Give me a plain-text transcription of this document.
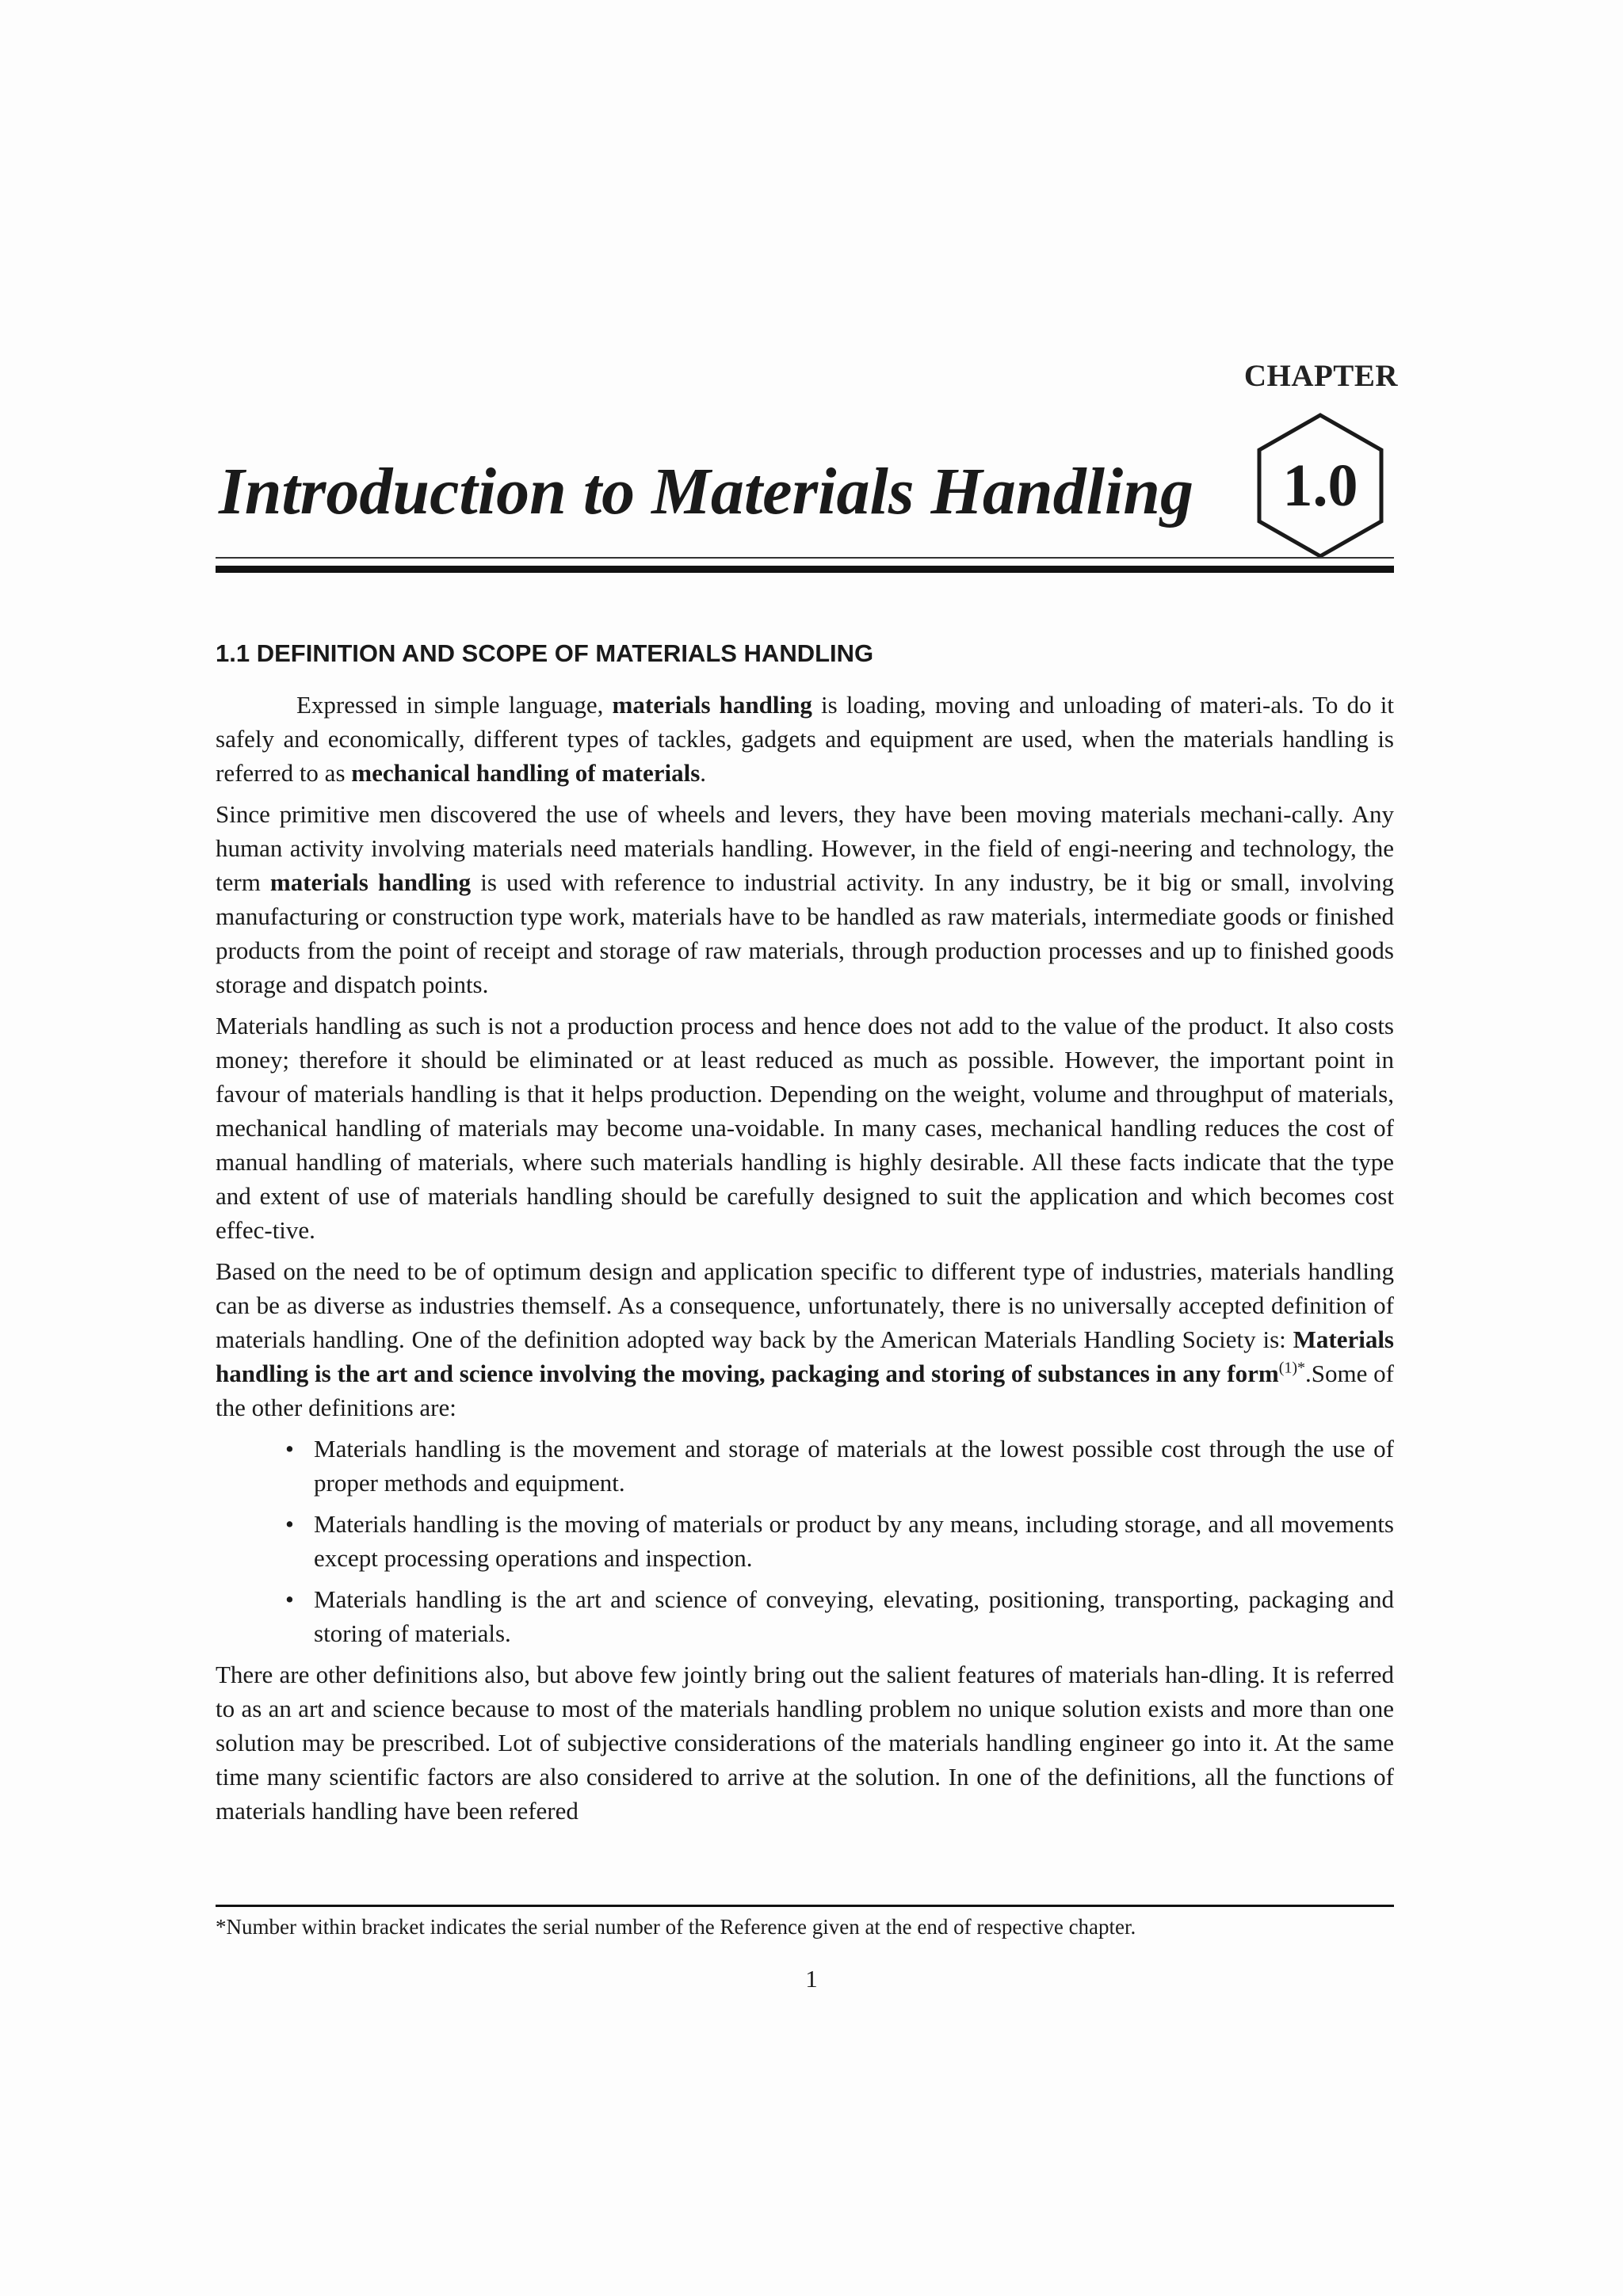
CHAPTER
1.0
Introduction to Materials Handling
1.1 DEFINITION AND SCOPE OF MATERIALS HANDLING

Expressed in simple language, materials handling is loading, moving and unloading of materi-als. To do it safely and economically, different types of tackles, gadgets and equipment are used, when the materials handling is referred to as mechanical handling of materials.

Since primitive men discovered the use of wheels and levers, they have been moving materials mechani-cally. Any human activity involving materials need materials handling. However, in the field of engi-neering and technology, the term materials handling is used with reference to industrial activity. In any industry, be it big or small, involving manufacturing or construction type work, materials have to be handled as raw materials, intermediate goods or finished products from the point of receipt and storage of raw materials, through production processes and up to finished goods storage and dispatch points.

Materials handling as such is not a production process and hence does not add to the value of the product. It also costs money; therefore it should be eliminated or at least reduced as much as possible. However, the important point in favour of materials handling is that it helps production. Depending on the weight, volume and throughput of materials, mechanical handling of materials may become una-voidable. In many cases, mechanical handling reduces the cost of manual handling of materials, where such materials handling is highly desirable. All these facts indicate that the type and extent of use of materials handling should be carefully designed to suit the application and which becomes cost effec-tive.

Based on the need to be of optimum design and application specific to different type of industries, materials handling can be as diverse as industries themself. As a consequence, unfortunately, there is no universally accepted definition of materials handling. One of the definition adopted way back by the American Materials Handling Society is: Materials handling is the art and science involving the moving, packaging and storing of substances in any form$^{(1)*}$.Some of the other definitions are:

• Materials handling is the movement and storage of materials at the lowest possible cost through the use of proper methods and equipment.
• Materials handling is the moving of materials or product by any means, including storage, and all movements except processing operations and inspection.
• Materials handling is the art and science of conveying, elevating, positioning, transporting, packaging and storing of materials.

There are other definitions also, but above few jointly bring out the salient features of materials han-dling. It is referred to as an art and science because to most of the materials handling problem no unique solution exists and more than one solution may be prescribed. Lot of subjective considerations of the materials handling engineer go into it. At the same time many scientific factors are also considered to arrive at the solution. In one of the definitions, all the functions of materials handling have been refered

*Number within bracket indicates the serial number of the Reference given at the end of respective chapter.
1
